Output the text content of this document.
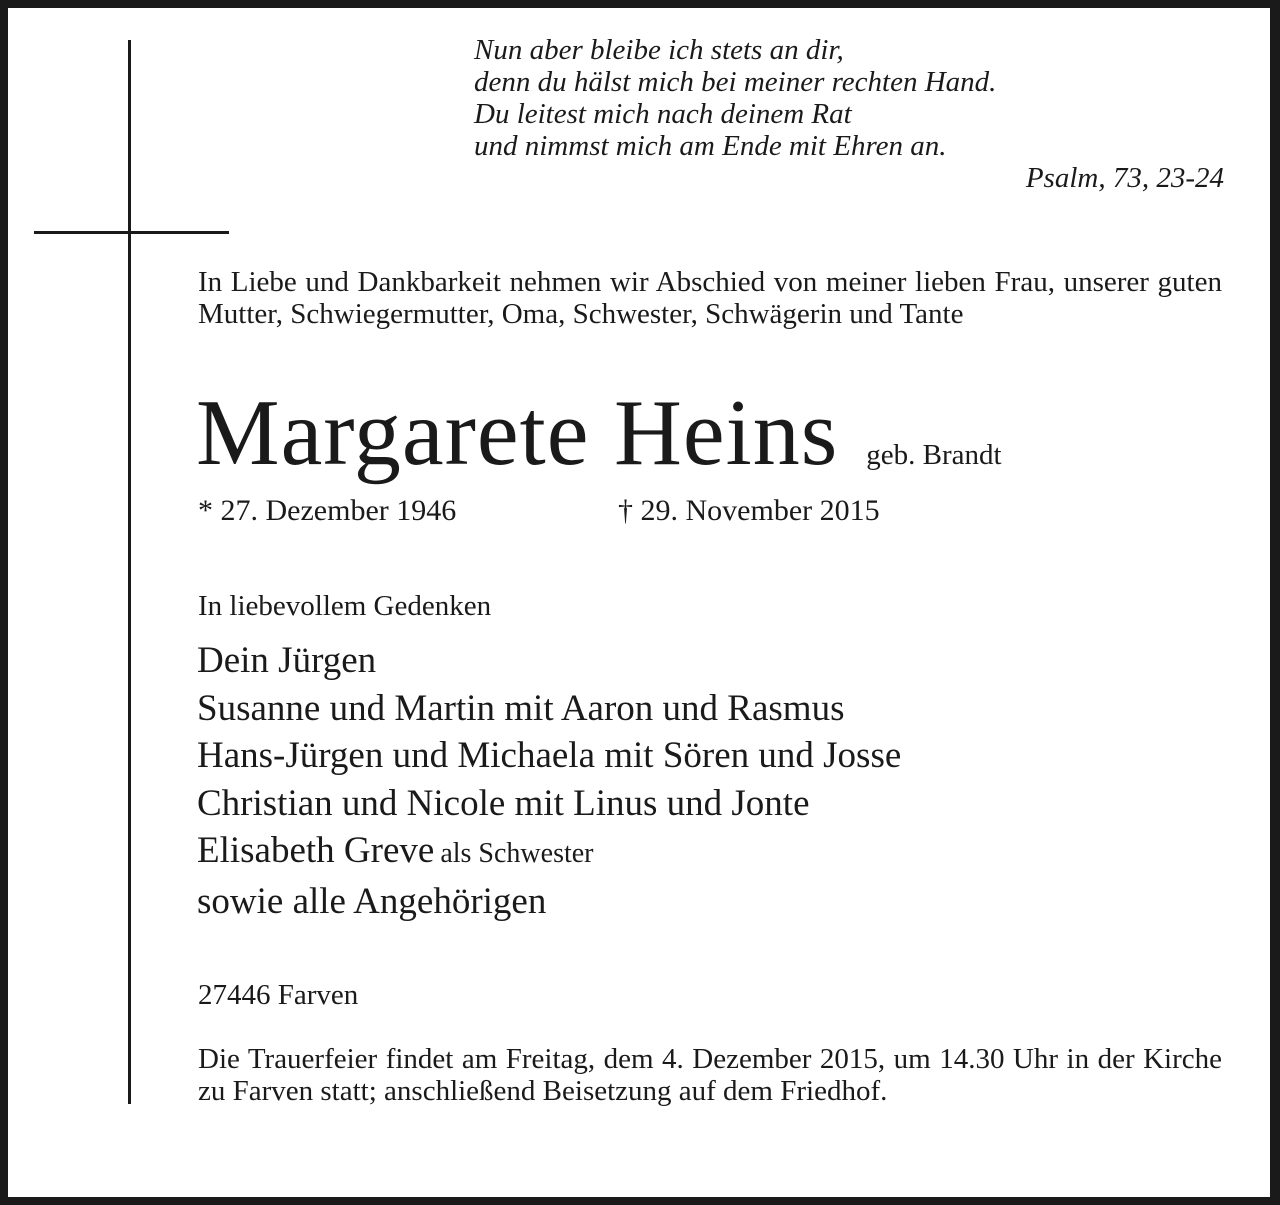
Nun aber bleibe ich stets an dir,
denn du hälst mich bei meiner rechten Hand.
Du leitest mich nach deinem Rat
und nimmst mich am Ende mit Ehren an.
Psalm, 73, 23-24
In Liebe und Dankbarkeit nehmen wir Abschied von meiner lieben Frau, unserer guten Mutter, Schwiegermutter, Oma, Schwester, Schwägerin und Tante
Margarete Heins geb. Brandt
* 27. Dezember 1946	† 29. November 2015
In liebevollem Gedenken
Dein Jürgen
Susanne und Martin mit Aaron und Rasmus
Hans-Jürgen und Michaela mit Sören und Josse
Christian und Nicole mit Linus und Jonte
Elisabeth Greve als Schwester
sowie alle Angehörigen
27446 Farven
Die Trauerfeier findet am Freitag, dem 4. Dezember 2015, um 14.30 Uhr in der Kirche zu Farven statt; anschließend Beisetzung auf dem Friedhof.
